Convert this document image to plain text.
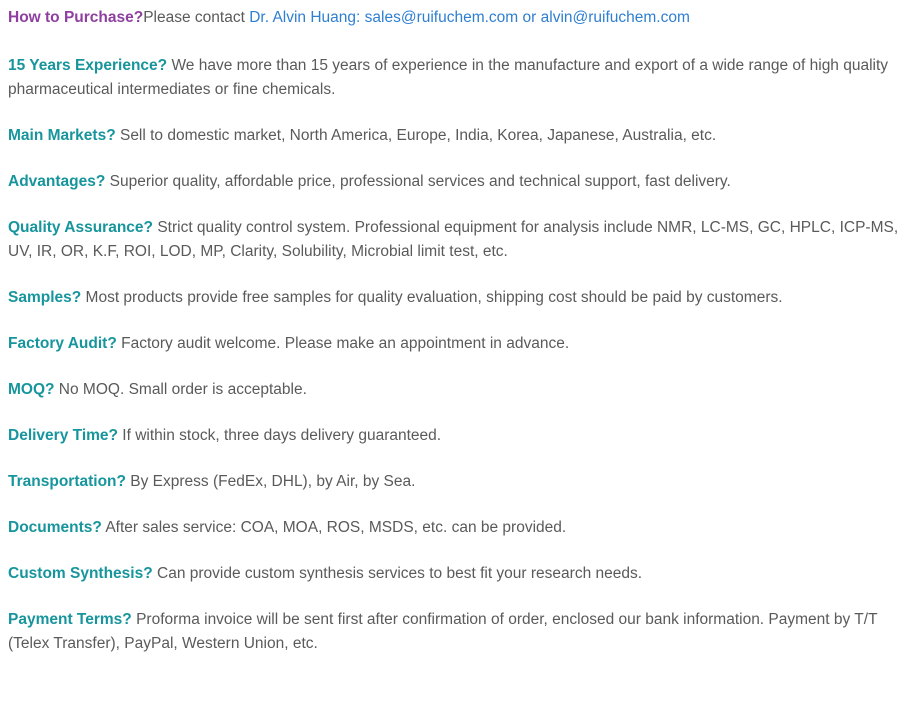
How to Purchase?Please contact Dr. Alvin Huang: sales@ruifuchem.com or alvin@ruifuchem.com

15 Years Experience? We have more than 15 years of experience in the manufacture and export of a wide range of high quality pharmaceutical intermediates or fine chemicals.

Main Markets? Sell to domestic market, North America, Europe, India, Korea, Japanese, Australia, etc.

Advantages? Superior quality, affordable price, professional services and technical support, fast delivery.

Quality Assurance? Strict quality control system. Professional equipment for analysis include NMR, LC-MS, GC, HPLC, ICP-MS, UV, IR, OR, K.F, ROI, LOD, MP, Clarity, Solubility, Microbial limit test, etc.

Samples? Most products provide free samples for quality evaluation, shipping cost should be paid by customers.

Factory Audit? Factory audit welcome. Please make an appointment in advance.

MOQ? No MOQ. Small order is acceptable.

Delivery Time? If within stock, three days delivery guaranteed.

Transportation? By Express (FedEx, DHL), by Air, by Sea.

Documents? After sales service: COA, MOA, ROS, MSDS, etc. can be provided.

Custom Synthesis? Can provide custom synthesis services to best fit your research needs.

Payment Terms? Proforma invoice will be sent first after confirmation of order, enclosed our bank information. Payment by T/T (Telex Transfer), PayPal, Western Union, etc.
